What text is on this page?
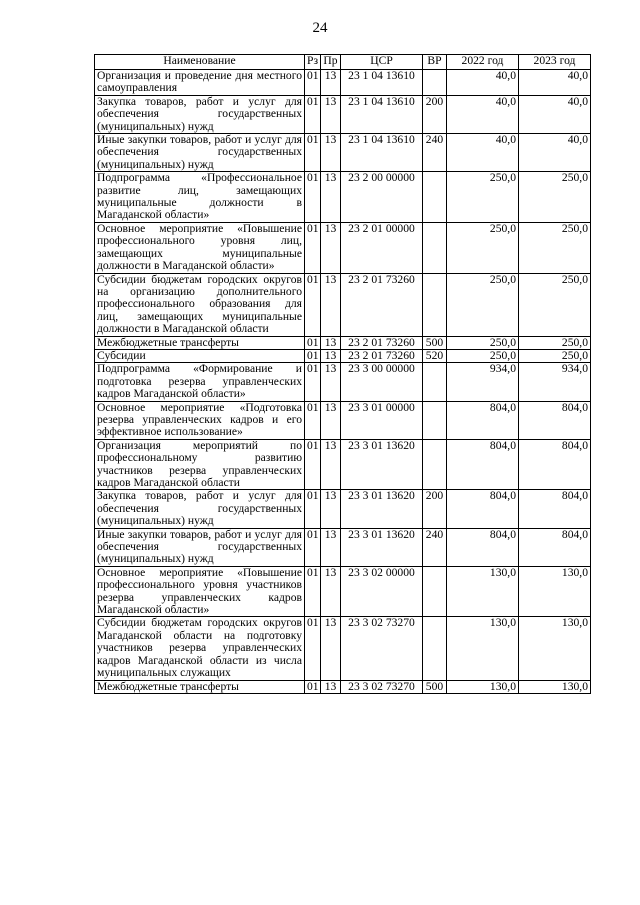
24
Наименование	Рз	Пр	ЦСР	ВР	2022 год	2023 год
Организация и проведение дня местного самоуправления	01	13	23 1 04 13610		40,0	40,0
Закупка товаров, работ и услуг для обеспечения государственных (муниципальных) нужд	01	13	23 1 04 13610	200	40,0	40,0
Иные закупки товаров, работ и услуг для обеспечения государственных (муниципальных) нужд	01	13	23 1 04 13610	240	40,0	40,0
Подпрограмма «Профессиональное развитие лиц, замещающих муниципальные должности в Магаданской области»	01	13	23 2 00 00000		250,0	250,0
Основное мероприятие «Повышение профессионального уровня лиц, замещающих муниципальные должности в Магаданской области»	01	13	23 2 01 00000		250,0	250,0
Субсидии бюджетам городских округов на организацию дополнительного профессионального образования для лиц, замещающих муниципальные должности в Магаданской области	01	13	23 2 01 73260		250,0	250,0
Межбюджетные трансферты	01	13	23 2 01 73260	500	250,0	250,0
Субсидии	01	13	23 2 01 73260	520	250,0	250,0
Подпрограмма «Формирование и подготовка резерва управленческих кадров Магаданской области»	01	13	23 3 00 00000		934,0	934,0
Основное мероприятие «Подготовка резерва управленческих кадров и его эффективное использование»	01	13	23 3 01 00000		804,0	804,0
Организация мероприятий по профессиональному развитию участников резерва управленческих кадров Магаданской области	01	13	23 3 01 13620		804,0	804,0
Закупка товаров, работ и услуг для обеспечения государственных (муниципальных) нужд	01	13	23 3 01 13620	200	804,0	804,0
Иные закупки товаров, работ и услуг для обеспечения государственных (муниципальных) нужд	01	13	23 3 01 13620	240	804,0	804,0
Основное мероприятие «Повышение профессионального уровня участников резерва управленческих кадров Магаданской области»	01	13	23 3 02 00000		130,0	130,0
Субсидии бюджетам городских округов Магаданской области на подготовку участников резерва управленческих кадров Магаданской области из числа муниципальных служащих	01	13	23 3 02 73270		130,0	130,0
Межбюджетные трансферты	01	13	23 3 02 73270	500	130,0	130,0
